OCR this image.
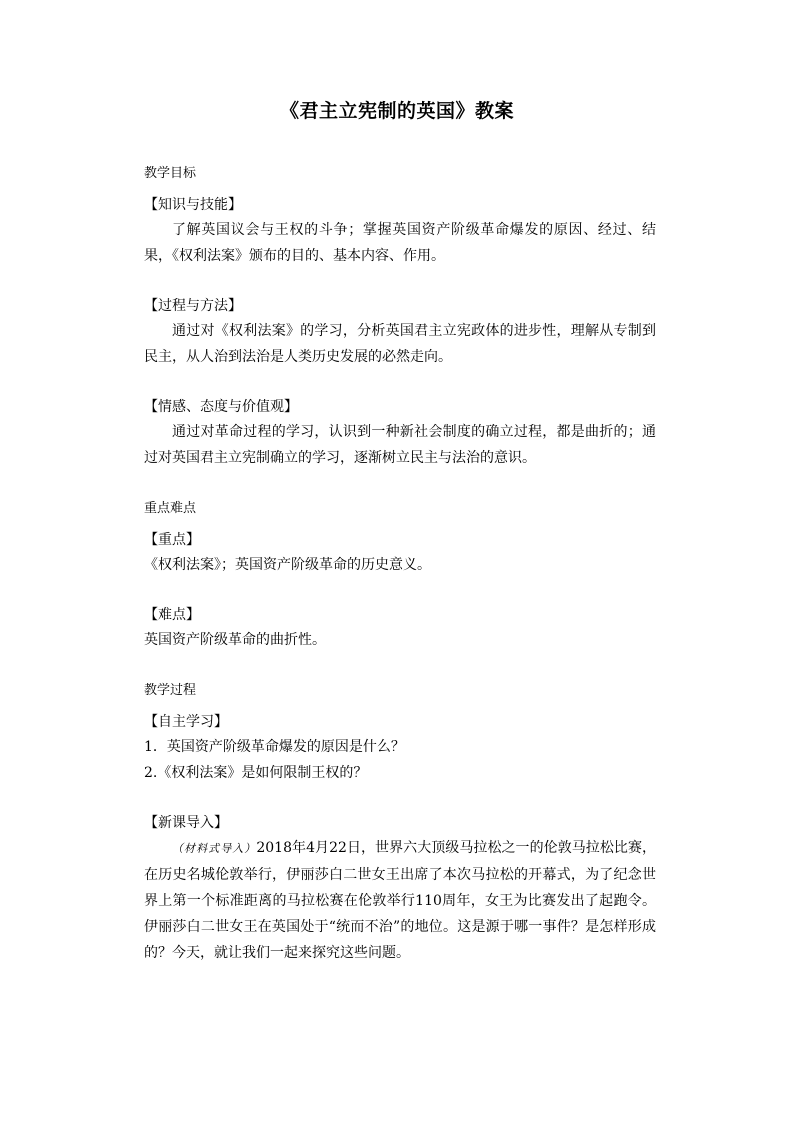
《君主立宪制的英国》教案

教学目标

【知识与技能】

了解英国议会与王权的斗争；掌握英国资产阶级革命爆发的原因、经过、结果，《权利法案》颁布的目的、基本内容、作用。

【过程与方法】

通过对《权利法案》的学习，分析英国君主立宪政体的进步性，理解从专制到民主，从人治到法治是人类历史发展的必然走向。

【情感、态度与价值观】

通过对革命过程的学习，认识到一种新社会制度的确立过程，都是曲折的；通过对英国君主立宪制确立的学习，逐渐树立民主与法治的意识。

重点难点

【重点】

《权利法案》；英国资产阶级革命的历史意义。

【难点】

英国资产阶级革命的曲折性。

教学过程

【自主学习】

1．英国资产阶级革命爆发的原因是什么？

2.《权利法案》是如何限制王权的？

【新课导入】

（材料式导入）2018年4月22日，世界六大顶级马拉松之一的伦敦马拉松比赛，在历史名城伦敦举行，伊丽莎白二世女王出席了本次马拉松的开幕式，为了纪念世界上第一个标准距离的马拉松赛在伦敦举行110周年，女王为比赛发出了起跑令。伊丽莎白二世女王在英国处于“统而不治”的地位。这是源于哪一事件？是怎样形成的？今天，就让我们一起来探究这些问题。
